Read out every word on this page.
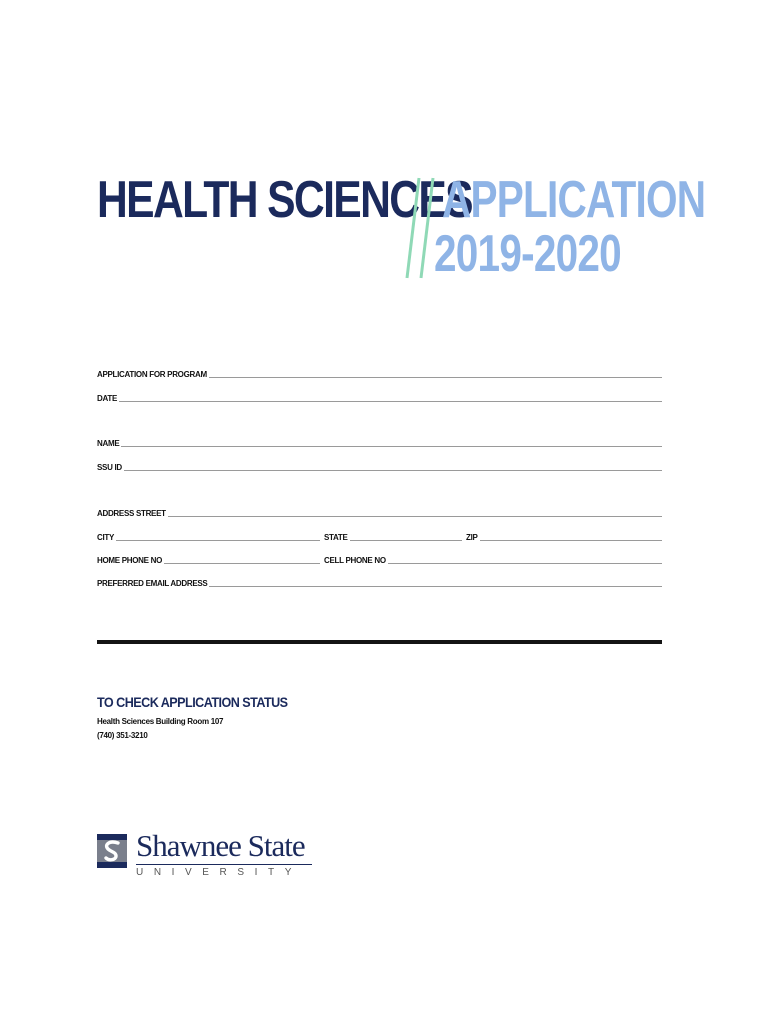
HEALTH SCIENCES
APPLICATION
2019-2020
APPLICATION FOR PROGRAM
DATE
NAME
SSU ID
ADDRESS STREET
CITY	STATE	ZIP
HOME PHONE NO	CELL PHONE NO
PREFERRED EMAIL ADDRESS
TO CHECK APPLICATION STATUS
Health Sciences Building Room 107
(740) 351-3210
Shawnee State
UNIVERSITY
